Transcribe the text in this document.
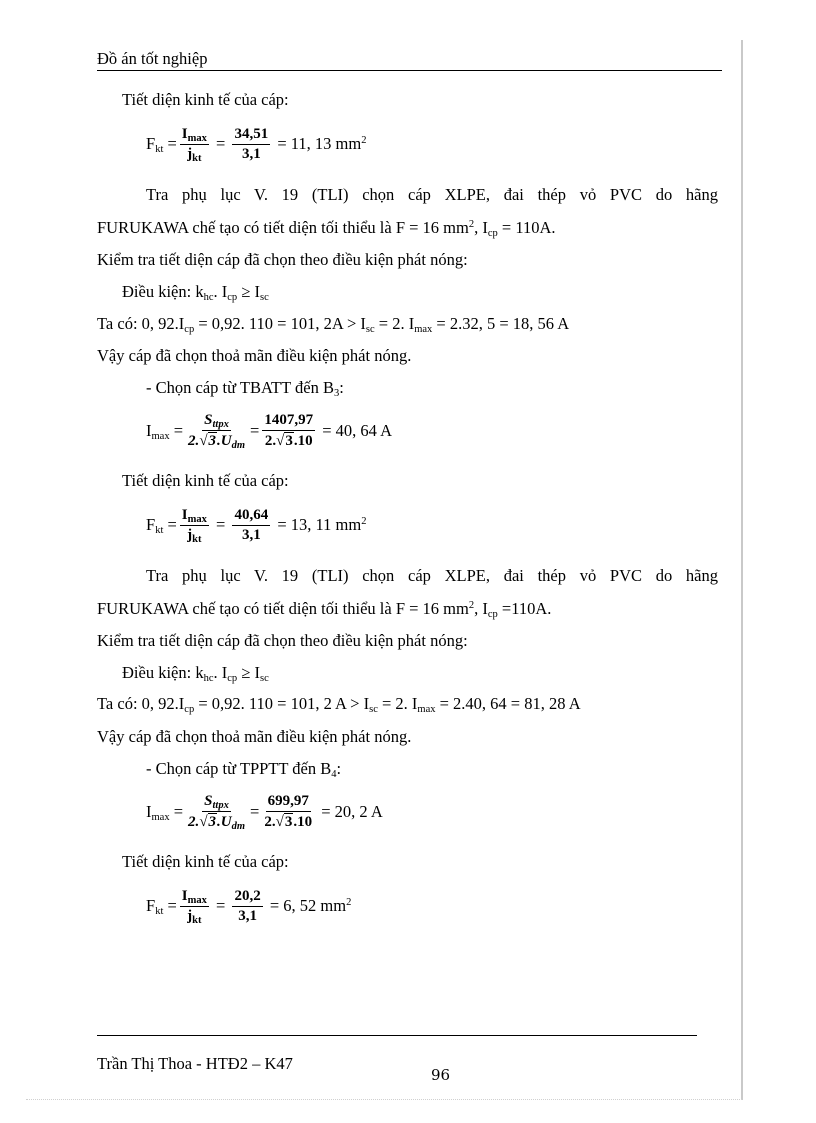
Đồ án tốt nghiệp
Tiết diện kinh tế của cáp:
$F_{kt} = \frac{I_{max}}{j_{kt}} = \frac{34,51}{3,1} = 11$, 13 $mm^2$
Tra phụ lục V. 19 (TLI) chọn cáp XLPE, đai thép vỏ PVC do hãng
FURUKAWA chế tạo có tiết diện tối thiểu là F = 16 $mm^2$, $I_{cp} = 110A$.
Kiểm tra tiết diện cáp đã chọn theo điều kiện phát nóng:
Điều kiện: $k_{hc}$. $I_{cp} \ge I_{sc}$
Ta có: 0, $92.I_{cp} = 0,92$. 110 = 101, $2A > I_{sc} = 2$. $I_{max} = 2.32$, 5 = 18, 56 A
Vậy cáp đã chọn thoả mãn điều kiện phát nóng.
- Chọn cáp từ TBATT đến $B_3$:
$I_{max} = \frac{S_{ttpx}}{2.√3.U_{dm}} = \frac{1407,97}{2.√3.10} = 40$, 64 A
Tiết diện kinh tế của cáp:
$F_{kt} = \frac{I_{max}}{j_{kt}} = \frac{40,64}{3,1} = 13$, 11 $mm^2$
Tra phụ lục V. 19 (TLI) chọn cáp XLPE, đai thép vỏ PVC do hãng
FURUKAWA chế tạo có tiết diện tối thiểu là F = 16 $mm^2$, $I_{cp} =110A$.
Kiểm tra tiết diện cáp đã chọn theo điều kiện phát nóng:
Điều kiện: $k_{hc}$. $I_{cp} \ge I_{sc}$
Ta có: 0, $92.I_{cp} = 0,92$. 110 = 101, 2 $A > I_{sc} = 2$. $I_{max} = 2.40$, 64 = 81, 28 A
Vậy cáp đã chọn thoả mãn điều kiện phát nóng.
- Chọn cáp từ TPPTT đến $B_4$:
$I_{max} = \frac{S_{ttpx}}{2.√3.U_{dm}} = \frac{699,97}{2.√3.10} = 20$, 2 A
Tiết diện kinh tế của cáp:
$F_{kt} = \frac{I_{max}}{j_{kt}} = \frac{20,2}{3,1} = 6$, 52 $mm^2$
Trần Thị Thoa - HTĐ2 – K47
96
